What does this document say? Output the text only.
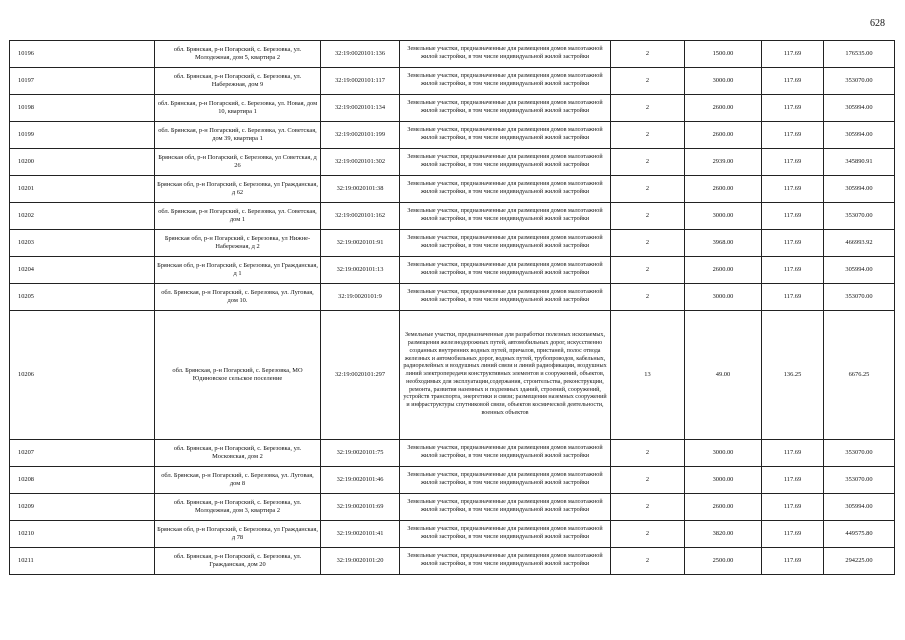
628
10196	обл. Брянская, р-н Погарский, с. Березовка, ул. Молодежная, дом 5, квартира 2	32:19:0020101:136	Земельные участки, предназначенные для размещения домов малоэтажной жилой застройки, в том числе индивидуальной жилой застройки	2	1500.00	117.69	176535.00
10197	обл. Брянская, р-н Погарский, с. Березовка, ул. Набережная, дом 9	32:19:0020101:117	Земельные участки, предназначенные для размещения домов малоэтажной жилой застройки, в том числе индивидуальной жилой застройки	2	3000.00	117.69	353070.00
10198	обл. Брянская, р-н Погарский, с. Березовка, ул. Новая, дом 10, квартира 1	32:19:0020101:134	Земельные участки, предназначенные для размещения домов малоэтажной жилой застройки, в том числе индивидуальной жилой застройки	2	2600.00	117.69	305994.00
10199	обл. Брянская, р-н Погарский, с. Березовка, ул. Советская, дом 39, квартира 1	32:19:0020101:199	Земельные участки, предназначенные для размещения домов малоэтажной жилой застройки, в том числе индивидуальной жилой застройки	2	2600.00	117.69	305994.00
10200	Брянская обл, р-н Погарский, с Березовка, ул Советская, д 26	32:19:0020101:302	Земельные участки, предназначенные для размещения домов малоэтажной жилой застройки, в том числе индивидуальной жилой застройки	2	2939.00	117.69	345890.91
10201	Брянская обл, р-н Погарский, с Березовка, ул Гражданская, д 62	32:19:0020101:38	Земельные участки, предназначенные для размещения домов малоэтажной жилой застройки, в том числе индивидуальной жилой застройки	2	2600.00	117.69	305994.00
10202	обл. Брянская, р-н Погарский, с. Березовка, ул. Советская, дом 1	32:19:0020101:162	Земельные участки, предназначенные для размещения домов малоэтажной жилой застройки, в том числе индивидуальной жилой застройки	2	3000.00	117.69	353070.00
10203	Брянская обл, р-н Погарский, с Березовка, ул Нижне-Набережная, д 2	32:19:0020101:91	Земельные участки, предназначенные для размещения домов малоэтажной жилой застройки, в том числе индивидуальной жилой застройки	2	3968.00	117.69	466993.92
10204	Брянская обл, р-н Погарский, с Березовка, ул Гражданская, д 1	32:19:0020101:13	Земельные участки, предназначенные для размещения домов малоэтажной жилой застройки, в том числе индивидуальной жилой застройки	2	2600.00	117.69	305994.00
10205	обл. Брянская, р-н Погарский, с. Березовка, ул. Луговая, дом 10.	32:19:0020101:9	Земельные участки, предназначенные для размещения домов малоэтажной жилой застройки, в том числе индивидуальной жилой застройки	2	3000.00	117.69	353070.00
10206	обл. Брянская, р-н Погарский, с. Березовка, МО Юдиновское сельское поселение	32:19:0020101:297	Земельные участки, предназначенные для разработки полезных ископаемых, размещения железнодорожных путей, автомобильных дорог, искусственно созданных внутренних водных путей, причалов, пристаней, полос отвода железных и автомобильных дорог, водных путей, трубопроводов, кабельных, радиорелейных и воздушных линий связи и линий радиофикации, воздушных линий электропередачи конструктивных элементов и сооружений, объектов, необходимых для эксплуатации,содержания, строительства, реконструкции, ремонта, развития наземных и подземных зданий, строений, сооружений, устройств транспорта, энергетики и связи; размещения наземных сооружений и инфраструктуры спутниковой связи, объектов космической деятельности, военных объектов	13	49.00	136.25	6676.25
10207	обл. Брянская, р-н Погарский, с. Березовка, ул. Московская, дом 2	32:19:0020101:75	Земельные участки, предназначенные для размещения домов малоэтажной жилой застройки, в том числе индивидуальной жилой застройки	2	3000.00	117.69	353070.00
10208	обл. Брянская, р-н Погарский, с. Березовка, ул. Луговая, дом 8	32:19:0020101:46	Земельные участки, предназначенные для размещения домов малоэтажной жилой застройки, в том числе индивидуальной жилой застройки	2	3000.00	117.69	353070.00
10209	обл. Брянская, р-н Погарский, с. Березовка, ул. Молодежная, дом 3, квартира 2	32:19:0020101:69	Земельные участки, предназначенные для размещения домов малоэтажной жилой застройки, в том числе индивидуальной жилой застройки	2	2600.00	117.69	305994.00
10210	Брянская обл, р-н Погарский, с Березовка, ул Гражданская, д 78	32:19:0020101:41	Земельные участки, предназначенные для размещения домов малоэтажной жилой застройки, в том числе индивидуальной жилой застройки	2	3820.00	117.69	449575.80
10211	обл. Брянская, р-н Погарский, с. Березовка, ул. Гражданская, дом 20	32:19:0020101:20	Земельные участки, предназначенные для размещения домов малоэтажной жилой застройки, в том числе индивидуальной жилой застройки	2	2500.00	117.69	294225.00
